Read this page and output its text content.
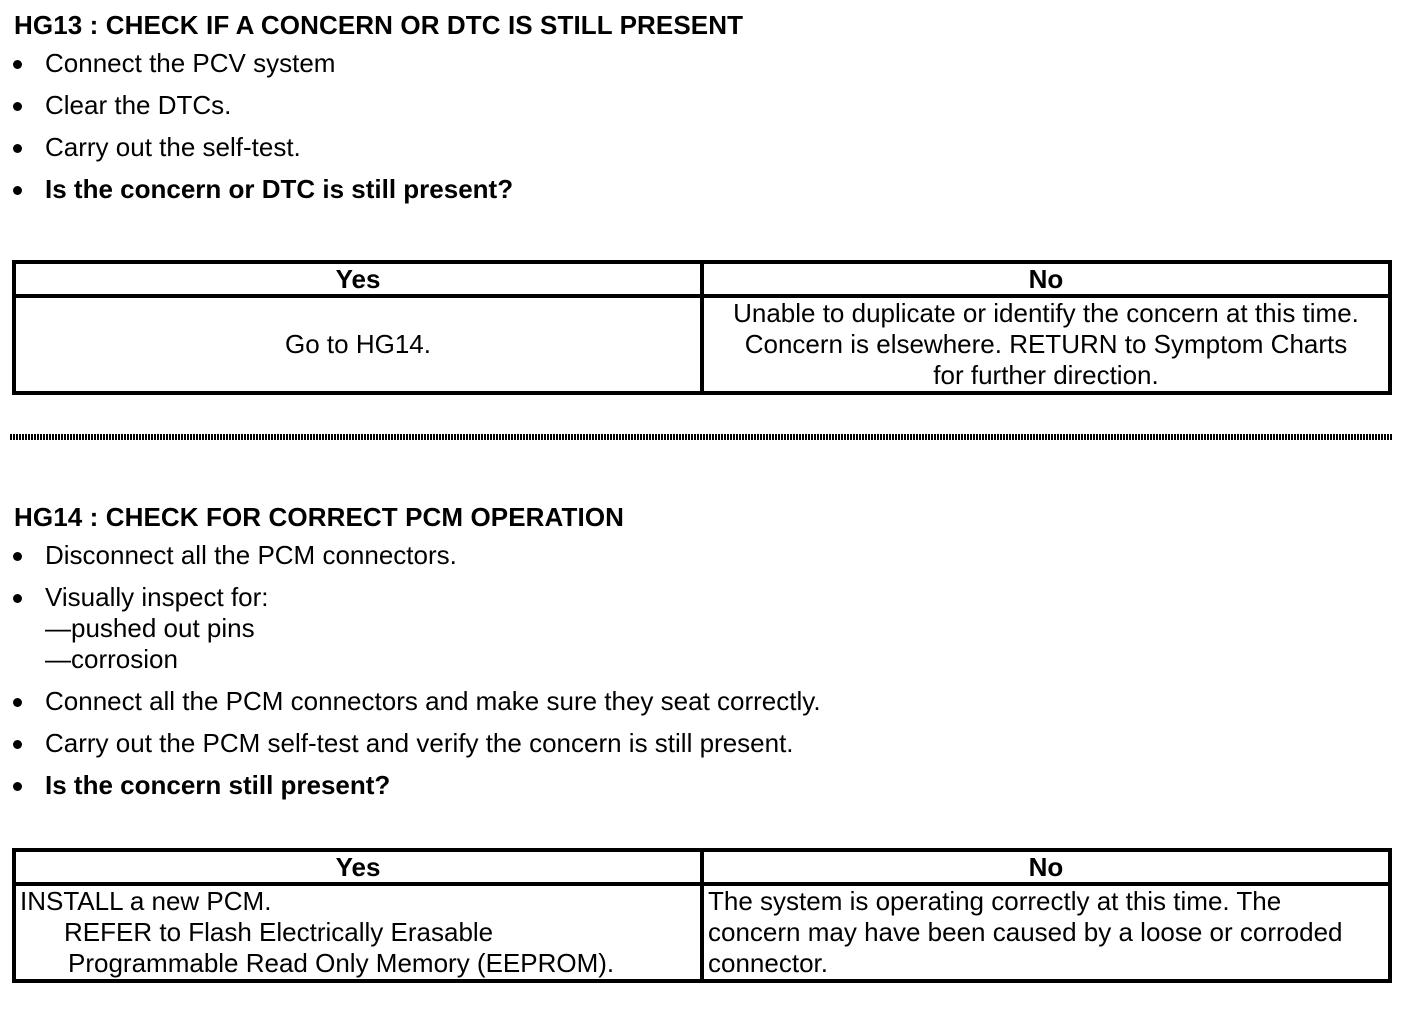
HG13 : CHECK IF A CONCERN OR DTC IS STILL PRESENT
Connect the PCV system
Clear the DTCs.
Carry out the self-test.
Is the concern or DTC is still present?
Yes	No
Go to HG14.	Unable to duplicate or identify the concern at this time.
Concern is elsewhere. RETURN to Symptom Charts
for further direction.
HG14 : CHECK FOR CORRECT PCM OPERATION
Disconnect all the PCM connectors.
Visually inspect for:
—pushed out pins
—corrosion
Connect all the PCM connectors and make sure they seat correctly.
Carry out the PCM self-test and verify the concern is still present.
Is the concern still present?
Yes	No

INSTALL a new PCM.
REFER to Flash Electrically Erasable
Programmable Read Only Memory (EEPROM).	The system is operating correctly at this time. The
concern may have been caused by a loose or corroded
connector.
